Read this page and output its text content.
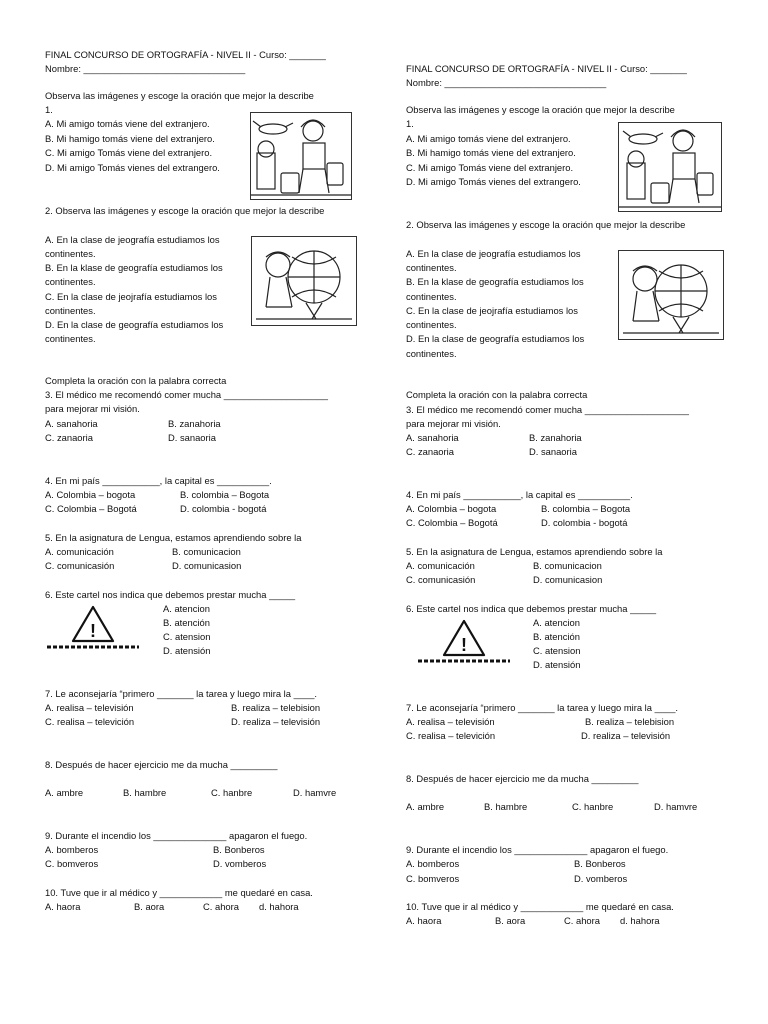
FINAL CONCURSO DE ORTOGRAFÍA - NIVEL II - Curso: _______
Nombre: _______________________________
Observa las imágenes y escoge la oración que mejor la describe
1.
A. Mi amigo tomás viene del extranjero.
B. Mi hamigo tomás viene del extranjero.
C. Mi amigo Tomás viene del extranjero.
D. Mi amigo Tomás vienes del extrangero.
2. Observa las imágenes y escoge la oración que mejor la describe
A. En la clase de jeografía estudiamos los
continentes.
B. En la klase de geografía estudiamos los
continentes.
C. En la clase de jeojrafía estudiamos los
continentes.
D. En la clase de geografía estudiamos los
continentes.
Completa la oración con la palabra correcta
3. El médico me recomendó comer mucha ____________________
para mejorar mi visión.
A. sanahoria	B. zanahoria
C. zanaoria	D. sanaoria
4. En mi país ___________, la capital es __________.
A. Colombia – bogota	B. colombia – Bogota
C. Colombia – Bogotá	D. colombia - bogotá
5. En la asignatura de Lengua, estamos aprendiendo sobre la
A. comunicación	B. comunicacion
C. comunicasión	D. comunicasion
6. Este cartel nos indica que debemos prestar mucha _____
!
A. atencion
B. atención
C. atension
D. atensión
7. Le aconsejaría “primero _______ la tarea y luego mira la ____.
A. realisa – televisión	B. realiza – telebision
C. realisa – televición	D. realiza – televisión
8. Después de hacer ejercicio me da mucha _________
A. ambre	B. hambre	C. hanbre	D. hamvre
9. Durante el incendio los ______________ apagaron el fuego.
A. bomberos	B. Bonberos
C. bomveros	D. vomberos
10. Tuve que ir al médico y ____________ me quedaré en casa.
A. haora	B. aora	C. ahora d. hahora
FINAL CONCURSO DE ORTOGRAFÍA - NIVEL II - Curso: _______
Nombre: _______________________________
Observa las imágenes y escoge la oración que mejor la describe
1.
A. Mi amigo tomás viene del extranjero.
B. Mi hamigo tomás viene del extranjero.
C. Mi amigo Tomás viene del extranjero.
D. Mi amigo Tomás vienes del extrangero.
2. Observa las imágenes y escoge la oración que mejor la describe
A. En la clase de jeografía estudiamos los
continentes.
B. En la klase de geografía estudiamos los
continentes.
C. En la clase de jeojrafía estudiamos los
continentes.
D. En la clase de geografía estudiamos los
continentes.
Completa la oración con la palabra correcta
3. El médico me recomendó comer mucha ____________________
para mejorar mi visión.
A. sanahoria	B. zanahoria
C. zanaoria	D. sanaoria
4. En mi país ___________, la capital es __________.
A. Colombia – bogota	B. colombia – Bogota
C. Colombia – Bogotá	D. colombia - bogotá
5. En la asignatura de Lengua, estamos aprendiendo sobre la
A. comunicación	B. comunicacion
C. comunicasión	D. comunicasion
6. Este cartel nos indica que debemos prestar mucha _____
!
A. atencion
B. atención
C. atension
D. atensión
7. Le aconsejaría “primero _______ la tarea y luego mira la ____.
A. realisa – televisión	B. realiza – telebision
C. realisa – televición	D. realiza – televisión
8. Después de hacer ejercicio me da mucha _________
A. ambre	B. hambre	C. hanbre	D. hamvre
9. Durante el incendio los ______________ apagaron el fuego.
A. bomberos	B. Bonberos
C. bomveros	D. vomberos
10. Tuve que ir al médico y ____________ me quedaré en casa.
A. haora	B. aora	C. ahora d. hahora
